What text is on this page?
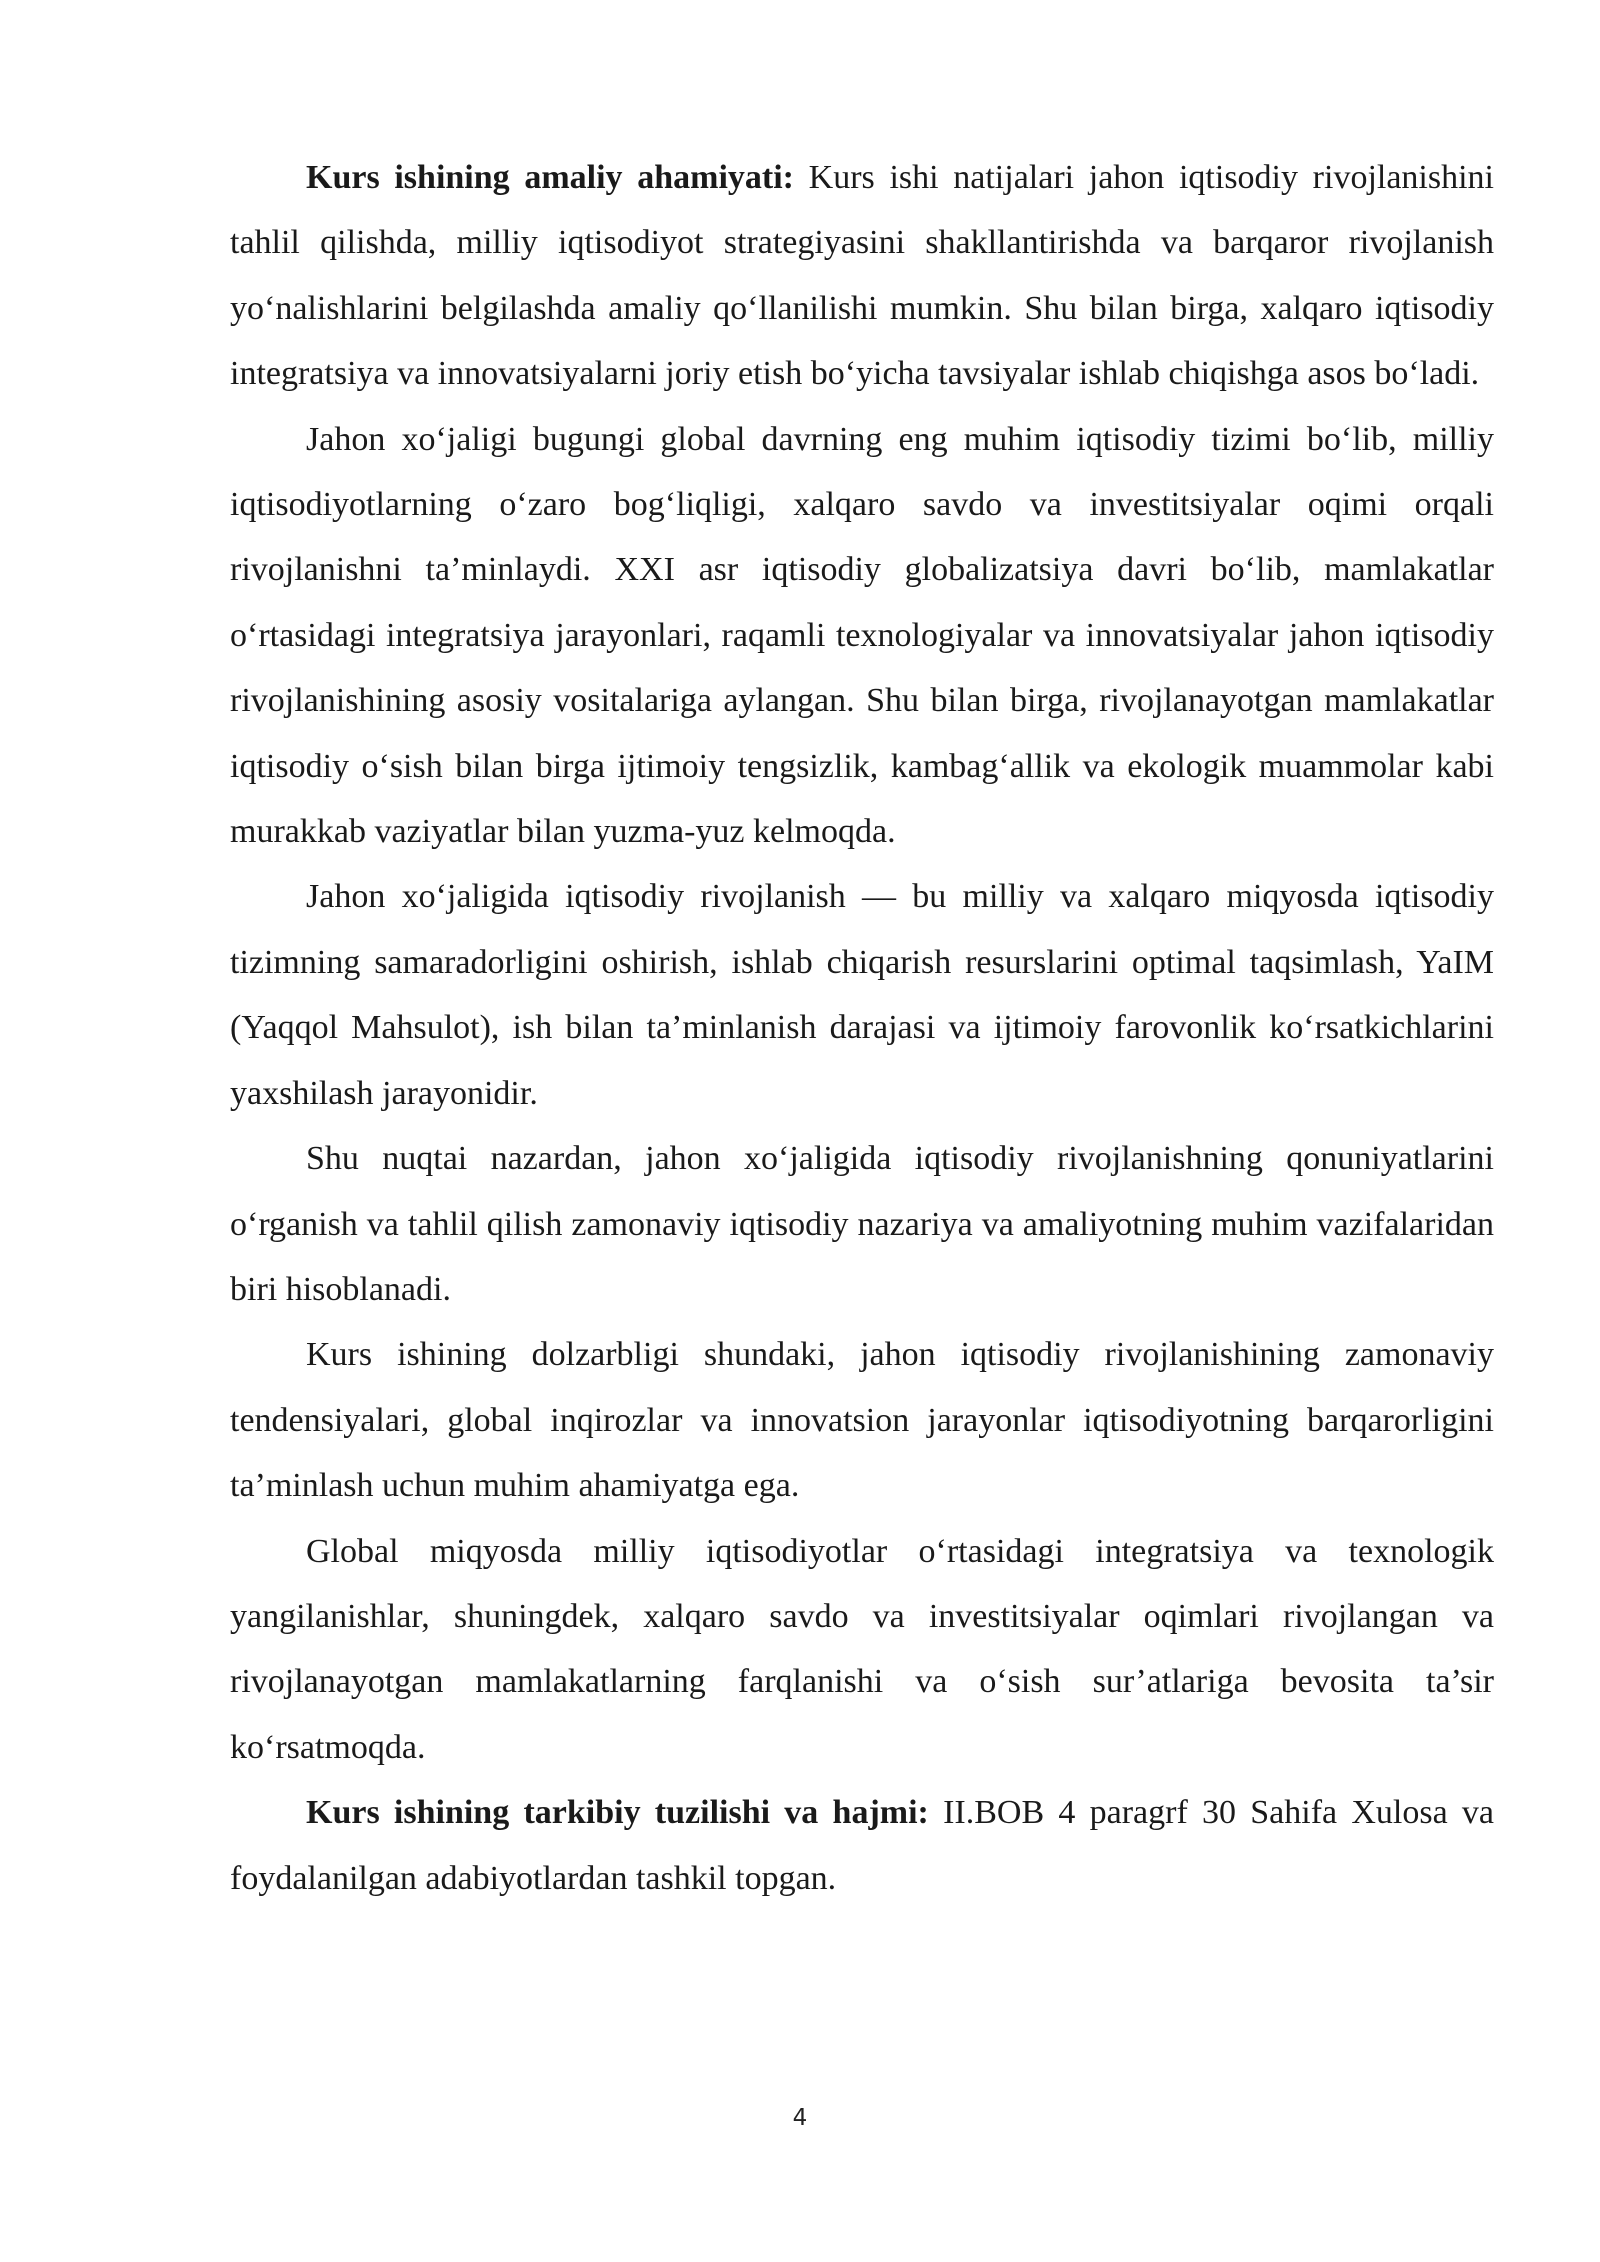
Kurs ishining amaliy ahamiyati: Kurs ishi natijalari jahon iqtisodiy rivojlanishini tahlil qilishda, milliy iqtisodiyot strategiyasini shakllantirishda va barqaror rivojlanish yo‘nalishlarini belgilashda amaliy qo‘llanilishi mumkin. Shu bilan birga, xalqaro iqtisodiy integratsiya va innovatsiyalarni joriy etish bo‘yicha tavsiyalar ishlab chiqishga asos bo‘ladi.

Jahon xo‘jaligi bugungi global davrning eng muhim iqtisodiy tizimi bo‘lib, milliy iqtisodiyotlarning o‘zaro bog‘liqligi, xalqaro savdo va investitsiyalar oqimi orqali rivojlanishni ta’minlaydi. XXI asr iqtisodiy globalizatsiya davri bo‘lib, mamlakatlar o‘rtasidagi integratsiya jarayonlari, raqamli texnologiyalar va innovatsiyalar jahon iqtisodiy rivojlanishining asosiy vositalariga aylangan. Shu bilan birga, rivojlanayotgan mamlakatlar iqtisodiy o‘sish bilan birga ijtimoiy tengsizlik, kambag‘allik va ekologik muammolar kabi murakkab vaziyatlar bilan yuzma-yuz kelmoqda.

Jahon xo‘jaligida iqtisodiy rivojlanish — bu milliy va xalqaro miqyosda iqtisodiy tizimning samaradorligini oshirish, ishlab chiqarish resurslarini optimal taqsimlash, YaIM (Yaqqol Mahsulot), ish bilan ta’minlanish darajasi va ijtimoiy farovonlik ko‘rsatkichlarini yaxshilash jarayonidir.

Shu nuqtai nazardan, jahon xo‘jaligida iqtisodiy rivojlanishning qonuniyatlarini o‘rganish va tahlil qilish zamonaviy iqtisodiy nazariya va amaliyotning muhim vazifalaridan biri hisoblanadi.

Kurs ishining dolzarbligi shundaki, jahon iqtisodiy rivojlanishining zamonaviy tendensiyalari, global inqirozlar va innovatsion jarayonlar iqtisodiyotning barqarorligini ta’minlash uchun muhim ahamiyatga ega.

Global miqyosda milliy iqtisodiyotlar o‘rtasidagi integratsiya va texnologik yangilanishlar, shuningdek, xalqaro savdo va investitsiyalar oqimlari rivojlangan va rivojlanayotgan mamlakatlarning farqlanishi va o‘sish sur’atlariga bevosita ta’sir ko‘rsatmoqda.

Kurs ishining tarkibiy tuzilishi va hajmi: II.BOB 4 paragrf 30 Sahifa Xulosa va foydalanilgan adabiyotlardan tashkil topgan.

4
